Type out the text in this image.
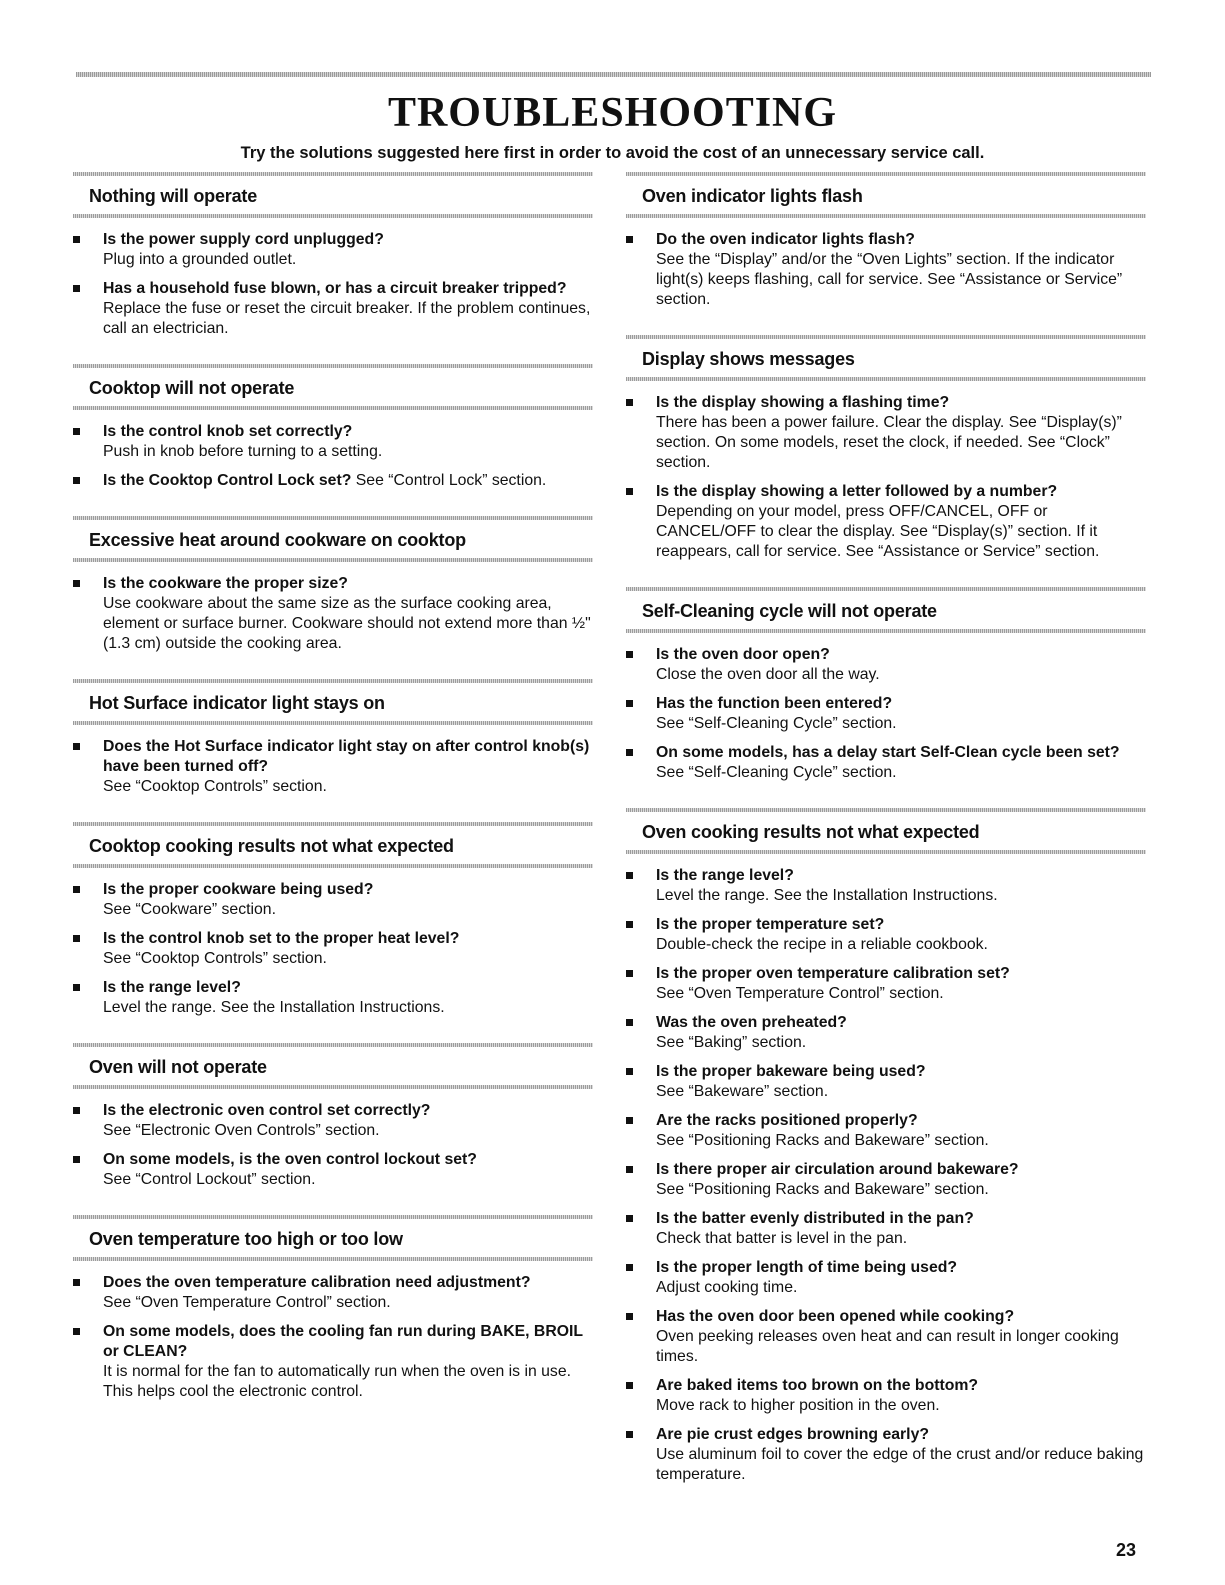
TROUBLESHOOTING

Try the solutions suggested here first in order to avoid the cost of an unnecessary service call.

Nothing will operate
Is the power supply cord unplugged?
Plug into a grounded outlet.
Has a household fuse blown, or has a circuit breaker tripped?
Replace the fuse or reset the circuit breaker. If the problem continues, call an electrician.
Cooktop will not operate
Is the control knob set correctly?
Push in knob before turning to a setting.
Is the Cooktop Control Lock set? See “Control Lock” section.
Excessive heat around cookware on cooktop
Is the cookware the proper size?
Use cookware about the same size as the surface cooking area, element or surface burner. Cookware should not extend more than ½" (1.3 cm) outside the cooking area.
Hot Surface indicator light stays on
Does the Hot Surface indicator light stay on after control knob(s) have been turned off?
See “Cooktop Controls” section.
Cooktop cooking results not what expected
Is the proper cookware being used?
See “Cookware” section.
Is the control knob set to the proper heat level?
See “Cooktop Controls” section.
Is the range level?
Level the range. See the Installation Instructions.
Oven will not operate
Is the electronic oven control set correctly?
See “Electronic Oven Controls” section.
On some models, is the oven control lockout set?
See “Control Lockout” section.
Oven temperature too high or too low
Does the oven temperature calibration need adjustment?
See “Oven Temperature Control” section.
On some models, does the cooling fan run during BAKE, BROIL or CLEAN?
It is normal for the fan to automatically run when the oven is in use. This helps cool the electronic control.
Oven indicator lights flash
Do the oven indicator lights flash?
See the “Display” and/or the “Oven Lights” section. If the indicator light(s) keeps flashing, call for service. See “Assistance or Service” section.
Display shows messages
Is the display showing a flashing time?
There has been a power failure. Clear the display. See “Display(s)” section. On some models, reset the clock, if needed. See “Clock” section.
Is the display showing a letter followed by a number?
Depending on your model, press OFF/CANCEL, OFF or CANCEL/OFF to clear the display. See “Display(s)” section. If it reappears, call for service. See “Assistance or Service” section.
Self-Cleaning cycle will not operate
Is the oven door open?
Close the oven door all the way.
Has the function been entered?
See “Self-Cleaning Cycle” section.
On some models, has a delay start Self-Clean cycle been set?
See “Self-Cleaning Cycle” section.
Oven cooking results not what expected
Is the range level?
Level the range. See the Installation Instructions.
Is the proper temperature set?
Double-check the recipe in a reliable cookbook.
Is the proper oven temperature calibration set?
See “Oven Temperature Control” section.
Was the oven preheated?
See “Baking” section.
Is the proper bakeware being used?
See “Bakeware” section.
Are the racks positioned properly?
See “Positioning Racks and Bakeware” section.
Is there proper air circulation around bakeware?
See “Positioning Racks and Bakeware” section.
Is the batter evenly distributed in the pan?
Check that batter is level in the pan.
Is the proper length of time being used?
Adjust cooking time.
Has the oven door been opened while cooking?
Oven peeking releases oven heat and can result in longer cooking times.
Are baked items too brown on the bottom?
Move rack to higher position in the oven.
Are pie crust edges browning early?
Use aluminum foil to cover the edge of the crust and/or reduce baking temperature.
23
